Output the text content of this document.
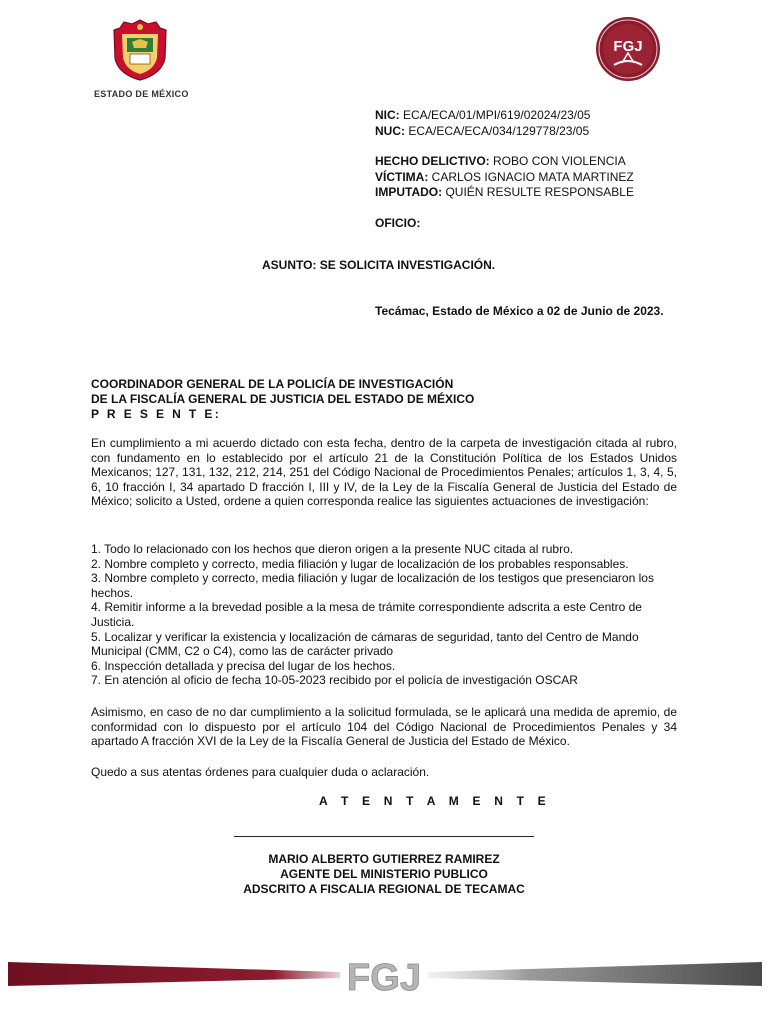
ESTADO DE MÉXICO
FGJ
NIC: ECA/ECA/01/MPI/619/02024/23/05
NUC: ECA/ECA/ECA/034/129778/23/05
HECHO DELICTIVO: ROBO CON VIOLENCIA
VÍCTIMA: CARLOS IGNACIO MATA MARTINEZ
IMPUTADO: QUIÉN RESULTE RESPONSABLE
OFICIO:
ASUNTO: SE SOLICITA INVESTIGACIÓN.
Tecámac, Estado de México a 02 de Junio de 2023.
COORDINADOR GENERAL DE LA POLICÍA DE INVESTIGACIÓN
DE LA FISCALÍA GENERAL DE JUSTICIA DEL ESTADO DE MÉXICO
P R E S E N T E:
En cumplimiento a mi acuerdo dictado con esta fecha, dentro de la carpeta de investigación citada al rubro, con fundamento en lo establecido por el artículo 21 de la Constitución Política de los Estados Unidos Mexicanos; 127, 131, 132, 212, 214, 251 del Código Nacional de Procedimientos Penales; artículos 1, 3, 4, 5, 6, 10 fracción I, 34 apartado D fracción I, III y IV, de la Ley de la Fiscalía General de Justicia del Estado de México; solicito a Usted, ordene a quien corresponda realice las siguientes actuaciones de investigación:
1. Todo lo relacionado con los hechos que dieron origen a la presente NUC citada al rubro.
2. Nombre completo y correcto, media filiación y lugar de localización de los probables responsables.
3. Nombre completo y correcto, media filiación y lugar de localización de los testigos que presenciaron los hechos.
4. Remitir informe a la brevedad posible a la mesa de trámite correspondiente adscrita a este Centro de Justicia.
5. Localizar y verificar la existencia y localización de cámaras de seguridad, tanto del Centro de Mando Municipal (CMM, C2 o C4), como las de carácter privado
6. Inspección detallada y precisa del lugar de los hechos.
7. En atención al oficio de fecha 10-05-2023 recibido por el policía de investigación OSCAR
Asimismo, en caso de no dar cumplimiento a la solicitud formulada, se le aplicará una medida de apremio, de conformidad con lo dispuesto por el artículo 104 del Código Nacional de Procedimientos Penales y 34 apartado A fracción XVI de la Ley de la Fiscalía General de Justicia del Estado de México.
Quedo a sus atentas órdenes para cualquier duda o aclaración.
A T E N T A M E N T E
MARIO ALBERTO GUTIERREZ RAMIREZ
AGENTE DEL MINISTERIO PUBLICO
ADSCRITO A FISCALIA REGIONAL DE TECAMAC
FGJ
